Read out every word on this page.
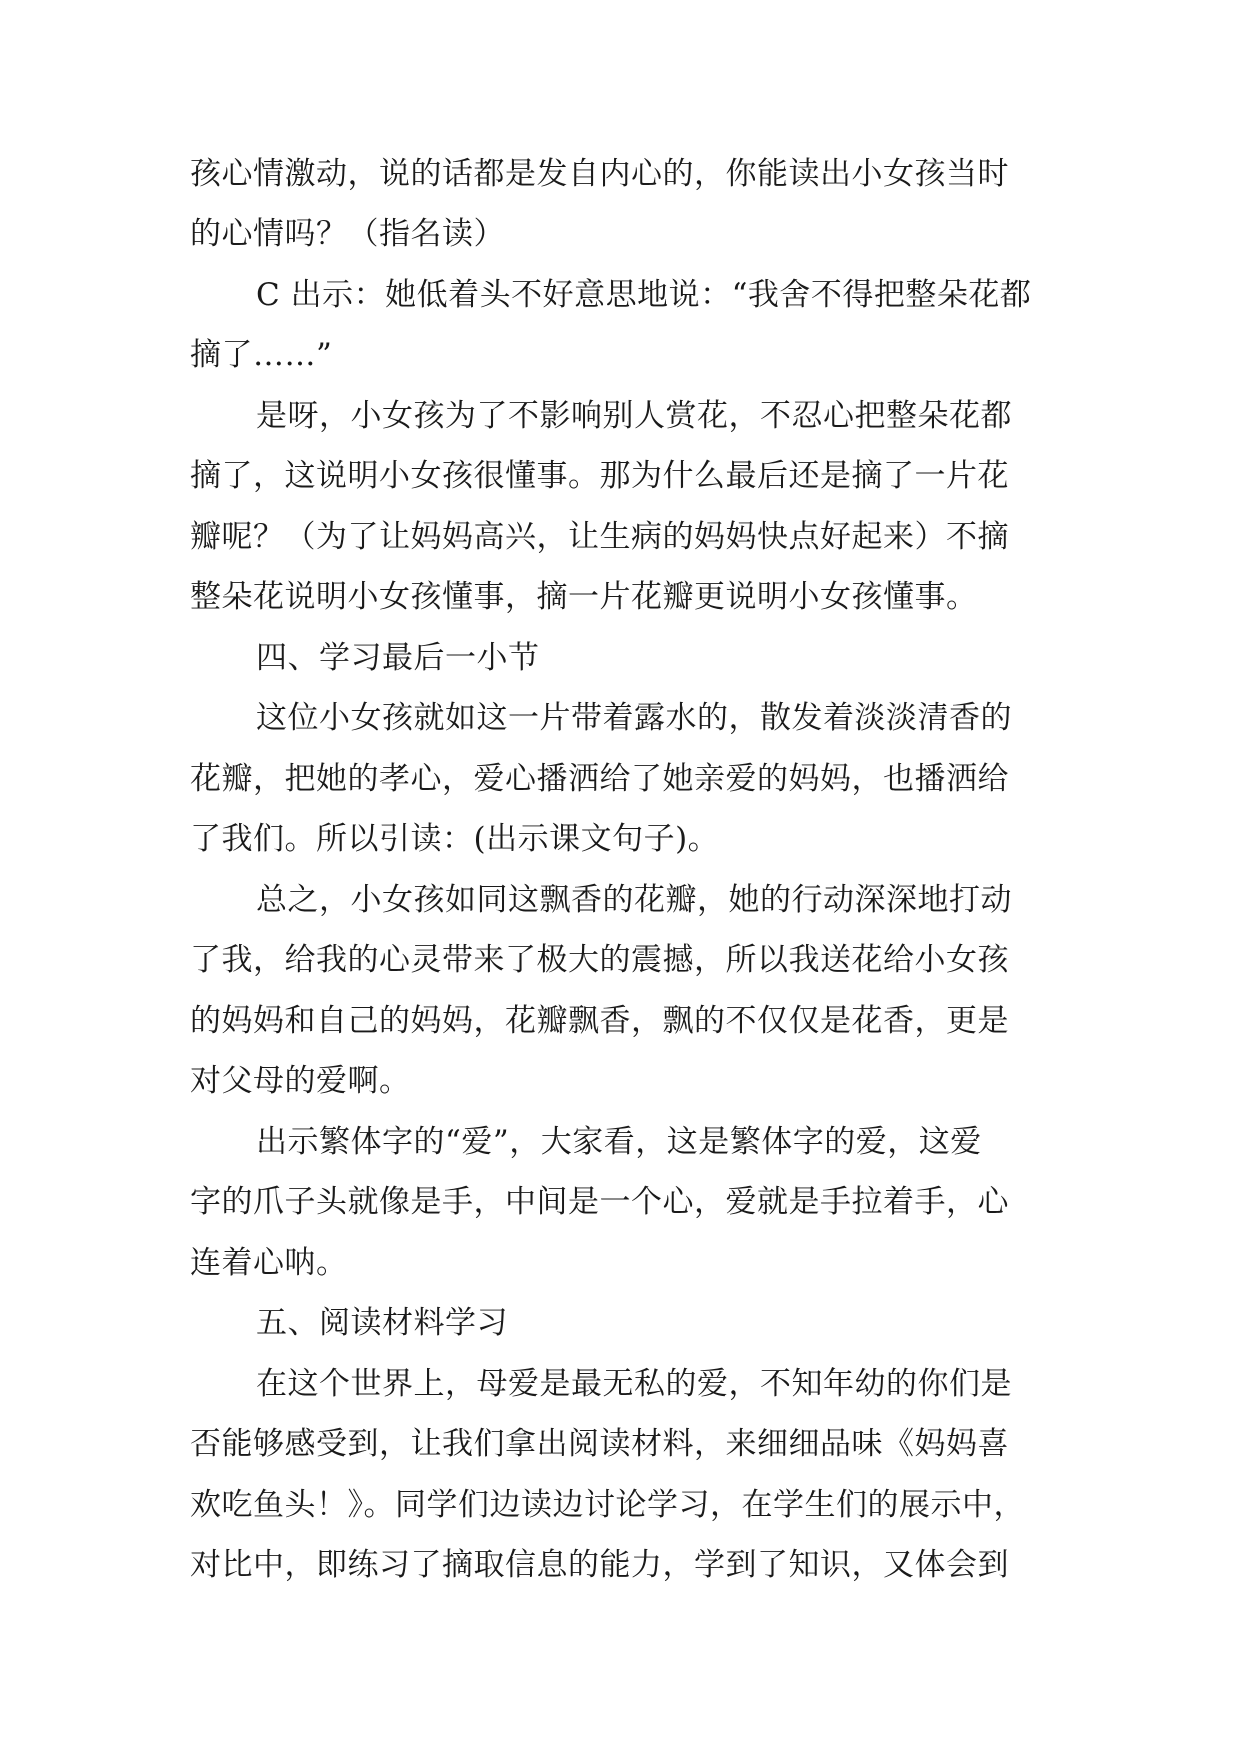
孩心情激动，说的话都是发自内心的，你能读出小女孩当时
的心情吗？（指名读）
C 出示：她低着头不好意思地说：“我舍不得把整朵花都
摘了……”
是呀，小女孩为了不影响别人赏花，不忍心把整朵花都
摘了，这说明小女孩很懂事。那为什么最后还是摘了一片花
瓣呢？（为了让妈妈高兴，让生病的妈妈快点好起来）不摘
整朵花说明小女孩懂事，摘一片花瓣更说明小女孩懂事。
四、学习最后一小节
这位小女孩就如这一片带着露水的，散发着淡淡清香的
花瓣，把她的孝心，爱心播洒给了她亲爱的妈妈，也播洒给
了我们。所以引读：(出示课文句子)。
总之，小女孩如同这飘香的花瓣，她的行动深深地打动
了我，给我的心灵带来了极大的震撼，所以我送花给小女孩
的妈妈和自己的妈妈，花瓣飘香，飘的不仅仅是花香，更是
对父母的爱啊。
出示繁体字的“爱”，大家看，这是繁体字的爱，这爱
字的爪子头就像是手，中间是一个心，爱就是手拉着手，心
连着心呐。
五、阅读材料学习
在这个世界上，母爱是最无私的爱，不知年幼的你们是
否能够感受到，让我们拿出阅读材料，来细细品味《妈妈喜
欢吃鱼头！》。同学们边读边讨论学习，在学生们的展示中，
对比中，即练习了摘取信息的能力，学到了知识，又体会到
